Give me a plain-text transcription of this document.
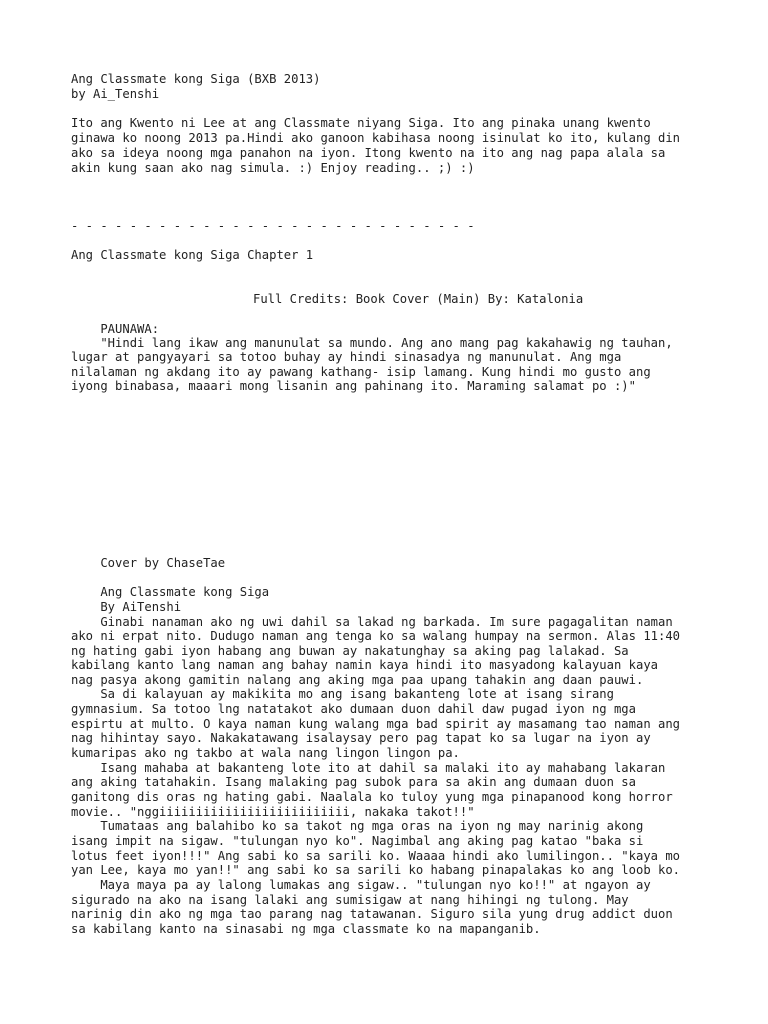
Ang Classmate kong Siga (BXB 2013)
by Ai_Tenshi
Ito ang Kwento ni Lee at ang Classmate niyang Siga. Ito ang pinaka unang kwento
ginawa ko noong 2013 pa.Hindi ako ganoon kabihasa noong isinulat ko ito, kulang din
ako sa ideya noong mga panahon na iyon. Itong kwento na ito ang nag papa alala sa
akin kung saan ako nag simula. :) Enjoy reading.. ;) :)
- - - - - - - - - - - - - - - - - - - - - - - - - - - -
Ang Classmate kong Siga Chapter 1
Full Credits: Book Cover (Main) By: Katalonia
PAUNAWA:
"Hindi lang ikaw ang manunulat sa mundo. Ang ano mang pag kakahawig ng tauhan,
lugar at pangyayari sa totoo buhay ay hindi sinasadya ng manunulat. Ang mga
nilalaman ng akdang ito ay pawang kathang- isip lamang. Kung hindi mo gusto ang
iyong binabasa, maaari mong lisanin ang pahinang ito. Maraming salamat po :)"
Cover by ChaseTae
Ang Classmate kong Siga
By AiTenshi
Ginabi nanaman ako ng uwi dahil sa lakad ng barkada. Im sure pagagalitan naman
ako ni erpat nito. Dudugo naman ang tenga ko sa walang humpay na sermon. Alas 11:40
ng hating gabi iyon habang ang buwan ay nakatunghay sa aking pag lalakad. Sa
kabilang kanto lang naman ang bahay namin kaya hindi ito masyadong kalayuan kaya
nag pasya akong gamitin nalang ang aking mga paa upang tahakin ang daan pauwi.
Sa di kalayuan ay makikita mo ang isang bakanteng lote at isang sirang
gymnasium. Sa totoo lng natatakot ako dumaan duon dahil daw pugad iyon ng mga
espirtu at multo. O kaya naman kung walang mga bad spirit ay masamang tao naman ang
nag hihintay sayo. Nakakatawang isalaysay pero pag tapat ko sa lugar na iyon ay
kumaripas ako ng takbo at wala nang lingon lingon pa.
Isang mahaba at bakanteng lote ito at dahil sa malaki ito ay mahabang lakaran
ang aking tatahakin. Isang malaking pag subok para sa akin ang dumaan duon sa
ganitong dis oras ng hating gabi. Naalala ko tuloy yung mga pinapanood kong horror
movie.. "nggiiiiiiiiiiiiiiiiiiiiiiiiii, nakaka takot!!"
Tumataas ang balahibo ko sa takot ng mga oras na iyon ng may narinig akong
isang impit na sigaw. "tulungan nyo ko". Nagimbal ang aking pag katao "baka si
lotus feet iyon!!!" Ang sabi ko sa sarili ko. Waaaa hindi ako lumilingon.. "kaya mo
yan Lee, kaya mo yan!!" ang sabi ko sa sarili ko habang pinapalakas ko ang loob ko.
Maya maya pa ay lalong lumakas ang sigaw.. "tulungan nyo ko!!" at ngayon ay
sigurado na ako na isang lalaki ang sumisigaw at nang hihingi ng tulong. May
narinig din ako ng mga tao parang nag tatawanan. Siguro sila yung drug addict duon
sa kabilang kanto na sinasabi ng mga classmate ko na mapanganib.
